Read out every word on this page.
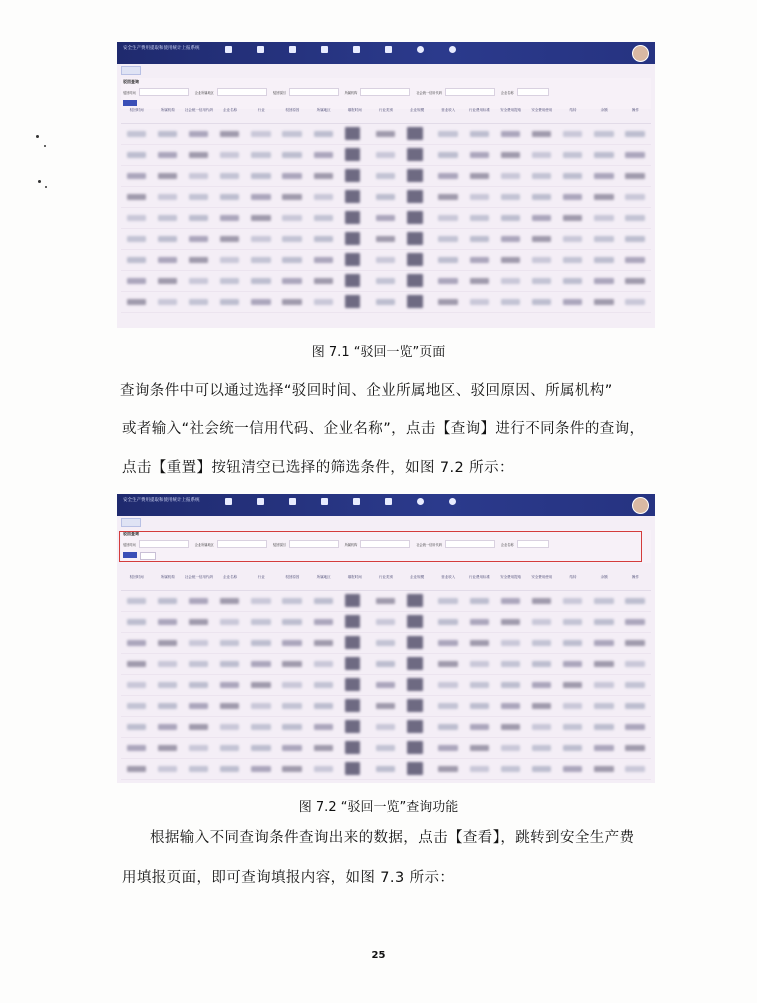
安全生产费用提取和使用统计上报系统
驳回查询
驳回时间	企业所属地区	驳回原因	所属机构	社会统一信用代码	企业名称
驳回时间	所属机构	社会统一信用代码	企业名称	行业	驳回原因	所属地区	填报时间	行业类别	企业规模	营业收入	行业费用标准	安全费用提取	安全费用使用	结转	余额	操作
图 7.1 “驳回一览”页面
查询条件中可以通过选择“驳回时间、企业所属地区、驳回原因、所属机构”
或者输入“社会统一信用代码、企业名称”，点击【查询】进行不同条件的查询，
点击【重置】按钮清空已选择的筛选条件，如图 7.2 所示：
安全生产费用提取和使用统计上报系统
驳回查询
驳回时间	企业所属地区	驳回原因	所属机构	社会统一信用代码	企业名称
驳回时间	所属机构	社会统一信用代码	企业名称	行业	驳回原因	所属地区	填报时间	行业类别	企业规模	营业收入	行业费用标准	安全费用提取	安全费用使用	结转	余额	操作
图 7.2 “驳回一览”查询功能
根据输入不同查询条件查询出来的数据，点击【查看】，跳转到安全生产费
用填报页面，即可查询填报内容，如图 7.3 所示：
25
